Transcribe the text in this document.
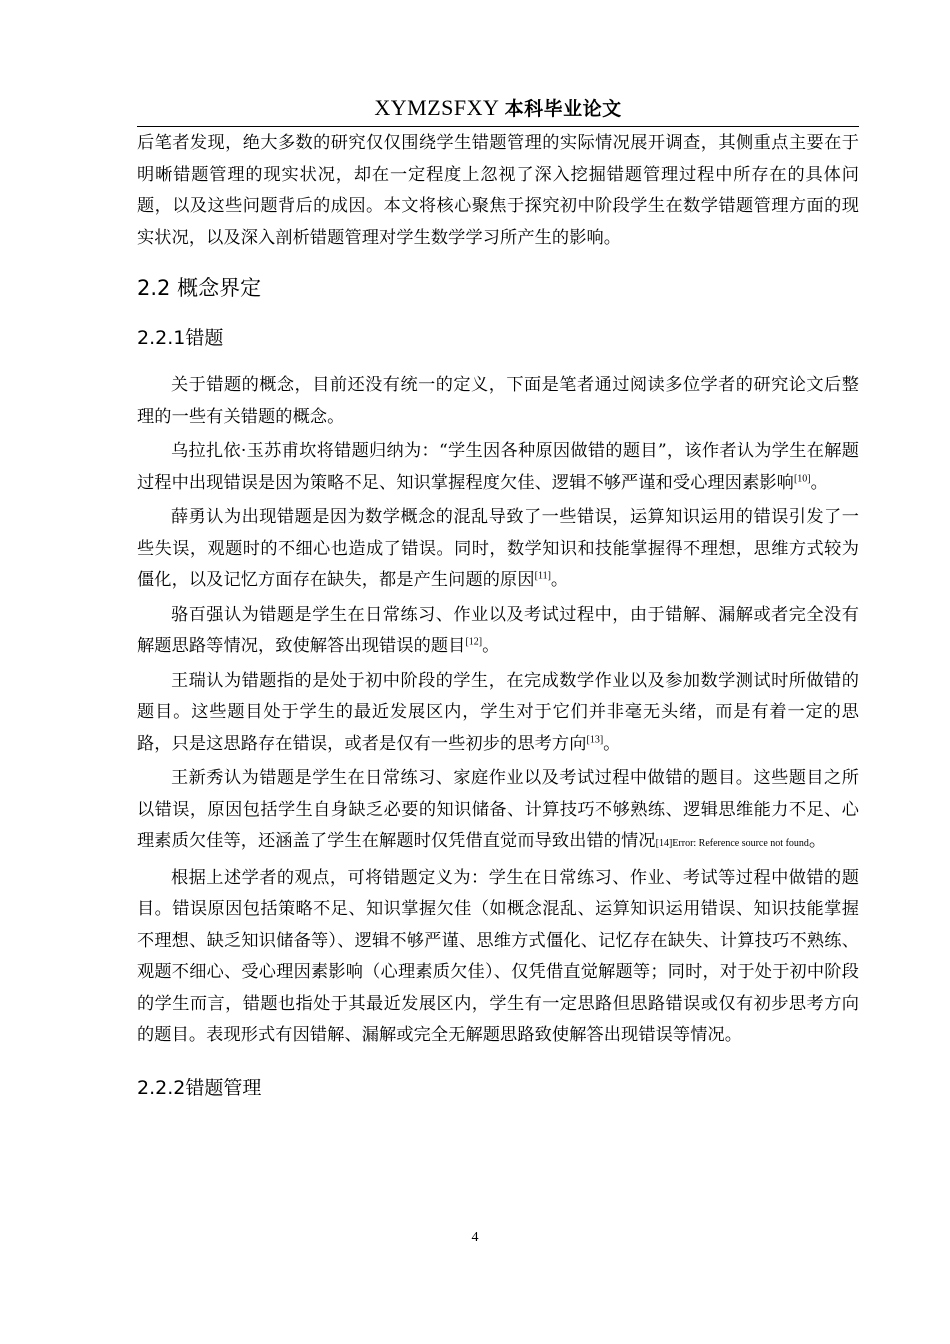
XYMZSFXY 本科毕业论文

后笔者发现，绝大多数的研究仅仅围绕学生错题管理的实际情况展开调查，其侧重点主要在于明晰错题管理的现实状况，却在一定程度上忽视了深入挖掘错题管理过程中所存在的具体问题，以及这些问题背后的成因。本文将核心聚焦于探究初中阶段学生在数学错题管理方面的现实状况，以及深入剖析错题管理对学生数学学习所产生的影响。

2.2 概念界定
2.2.1错题

关于错题的概念，目前还没有统一的定义，下面是笔者通过阅读多位学者的研究论文后整理的一些有关错题的概念。

乌拉扎依·玉苏甫坎将错题归纳为：“学生因各种原因做错的题目”，该作者认为学生在解题过程中出现错误是因为策略不足、知识掌握程度欠佳、逻辑不够严谨和受心理因素影响[10]。

薛勇认为出现错题是因为数学概念的混乱导致了一些错误，运算知识运用的错误引发了一些失误，观题时的不细心也造成了错误。同时，数学知识和技能掌握得不理想，思维方式较为僵化，以及记忆方面存在缺失，都是产生问题的原因[11]。

骆百强认为错题是学生在日常练习、作业以及考试过程中，由于错解、漏解或者完全没有解题思路等情况，致使解答出现错误的题目[12]。

王瑞认为错题指的是处于初中阶段的学生，在完成数学作业以及参加数学测试时所做错的题目。这些题目处于学生的最近发展区内，学生对于它们并非毫无头绪，而是有着一定的思路，只是这思路存在错误，或者是仅有一些初步的思考方向[13]。

王新秀认为错题是学生在日常练习、家庭作业以及考试过程中做错的题目。这些题目之所以错误，原因包括学生自身缺乏必要的知识储备、计算技巧不够熟练、逻辑思维能力不足、心理素质欠佳等，还涵盖了学生在解题时仅凭借直觉而导致出错的情况[14]Error: Reference source not found。

根据上述学者的观点，可将错题定义为：学生在日常练习、作业、考试等过程中做错的题目。错误原因包括策略不足、知识掌握欠佳（如概念混乱、运算知识运用错误、知识技能掌握不理想、缺乏知识储备等）、逻辑不够严谨、思维方式僵化、记忆存在缺失、计算技巧不熟练、观题不细心、受心理因素影响（心理素质欠佳）、仅凭借直觉解题等；同时，对于处于初中阶段的学生而言，错题也指处于其最近发展区内，学生有一定思路但思路错误或仅有初步思考方向的题目。表现形式有因错解、漏解或完全无解题思路致使解答出现错误等情况。

2.2.2错题管理
4
